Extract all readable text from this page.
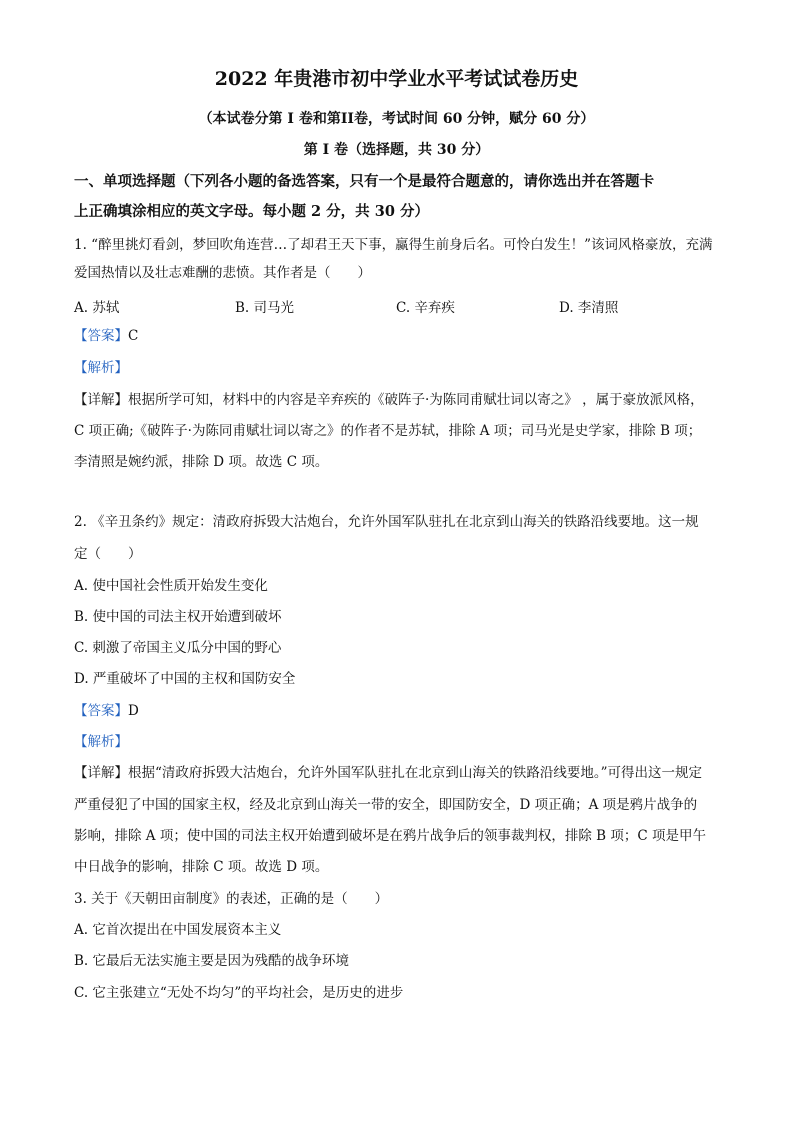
2022 年贵港市初中学业水平考试试卷历史
（本试卷分第 I 卷和第II卷，考试时间 60 分钟，赋分 60 分）
第 I 卷（选择题，共 30 分）
一、单项选择题（下列各小题的备选答案，只有一个是最符合题意的，请你选出并在答题卡
上正确填涂相应的英文字母。每小题 2 分，共 30 分）
1. “醉里挑灯看剑，梦回吹角连营…了却君王天下事，赢得生前身后名。可怜白发生！”该词风格豪放，充满
爱国热情以及壮志难酬的悲愤。其作者是（　　）
A. 苏轼	B. 司马光	C. 辛弃疾	D. 李清照
【答案】C
【解析】
【详解】根据所学可知，材料中的内容是辛弃疾的《破阵子·为陈同甫赋壮词以寄之》 ，属于豪放派风格，
C 项正确;《破阵子·为陈同甫赋壮词以寄之》的作者不是苏轼，排除 A 项；司马光是史学家，排除 B 项；
李清照是婉约派，排除 D 项。故选 C 项。
2. 《辛丑条约》规定：清政府拆毁大沽炮台，允许外国军队驻扎在北京到山海关的铁路沿线要地。这一规
定（　　）
A. 使中国社会性质开始发生变化
B. 使中国的司法主权开始遭到破坏
C. 刺激了帝国主义瓜分中国的野心
D. 严重破坏了中国的主权和国防安全
【答案】D
【解析】
【详解】根据“清政府拆毁大沽炮台，允许外国军队驻扎在北京到山海关的铁路沿线要地。”可得出这一规定
严重侵犯了中国的国家主权，经及北京到山海关一带的安全，即国防安全，D 项正确；A 项是鸦片战争的
影响，排除 A 项；使中国的司法主权开始遭到破坏是在鸦片战争后的领事裁判权，排除 B 项；C 项是甲午
中日战争的影响，排除 C 项。故选 D 项。
3. 关于《天朝田亩制度》的表述，正确的是（　　）
A. 它首次提出在中国发展资本主义
B. 它最后无法实施主要是因为残酷的战争环境
C. 它主张建立“无处不均匀”的平均社会，是历史的进步
